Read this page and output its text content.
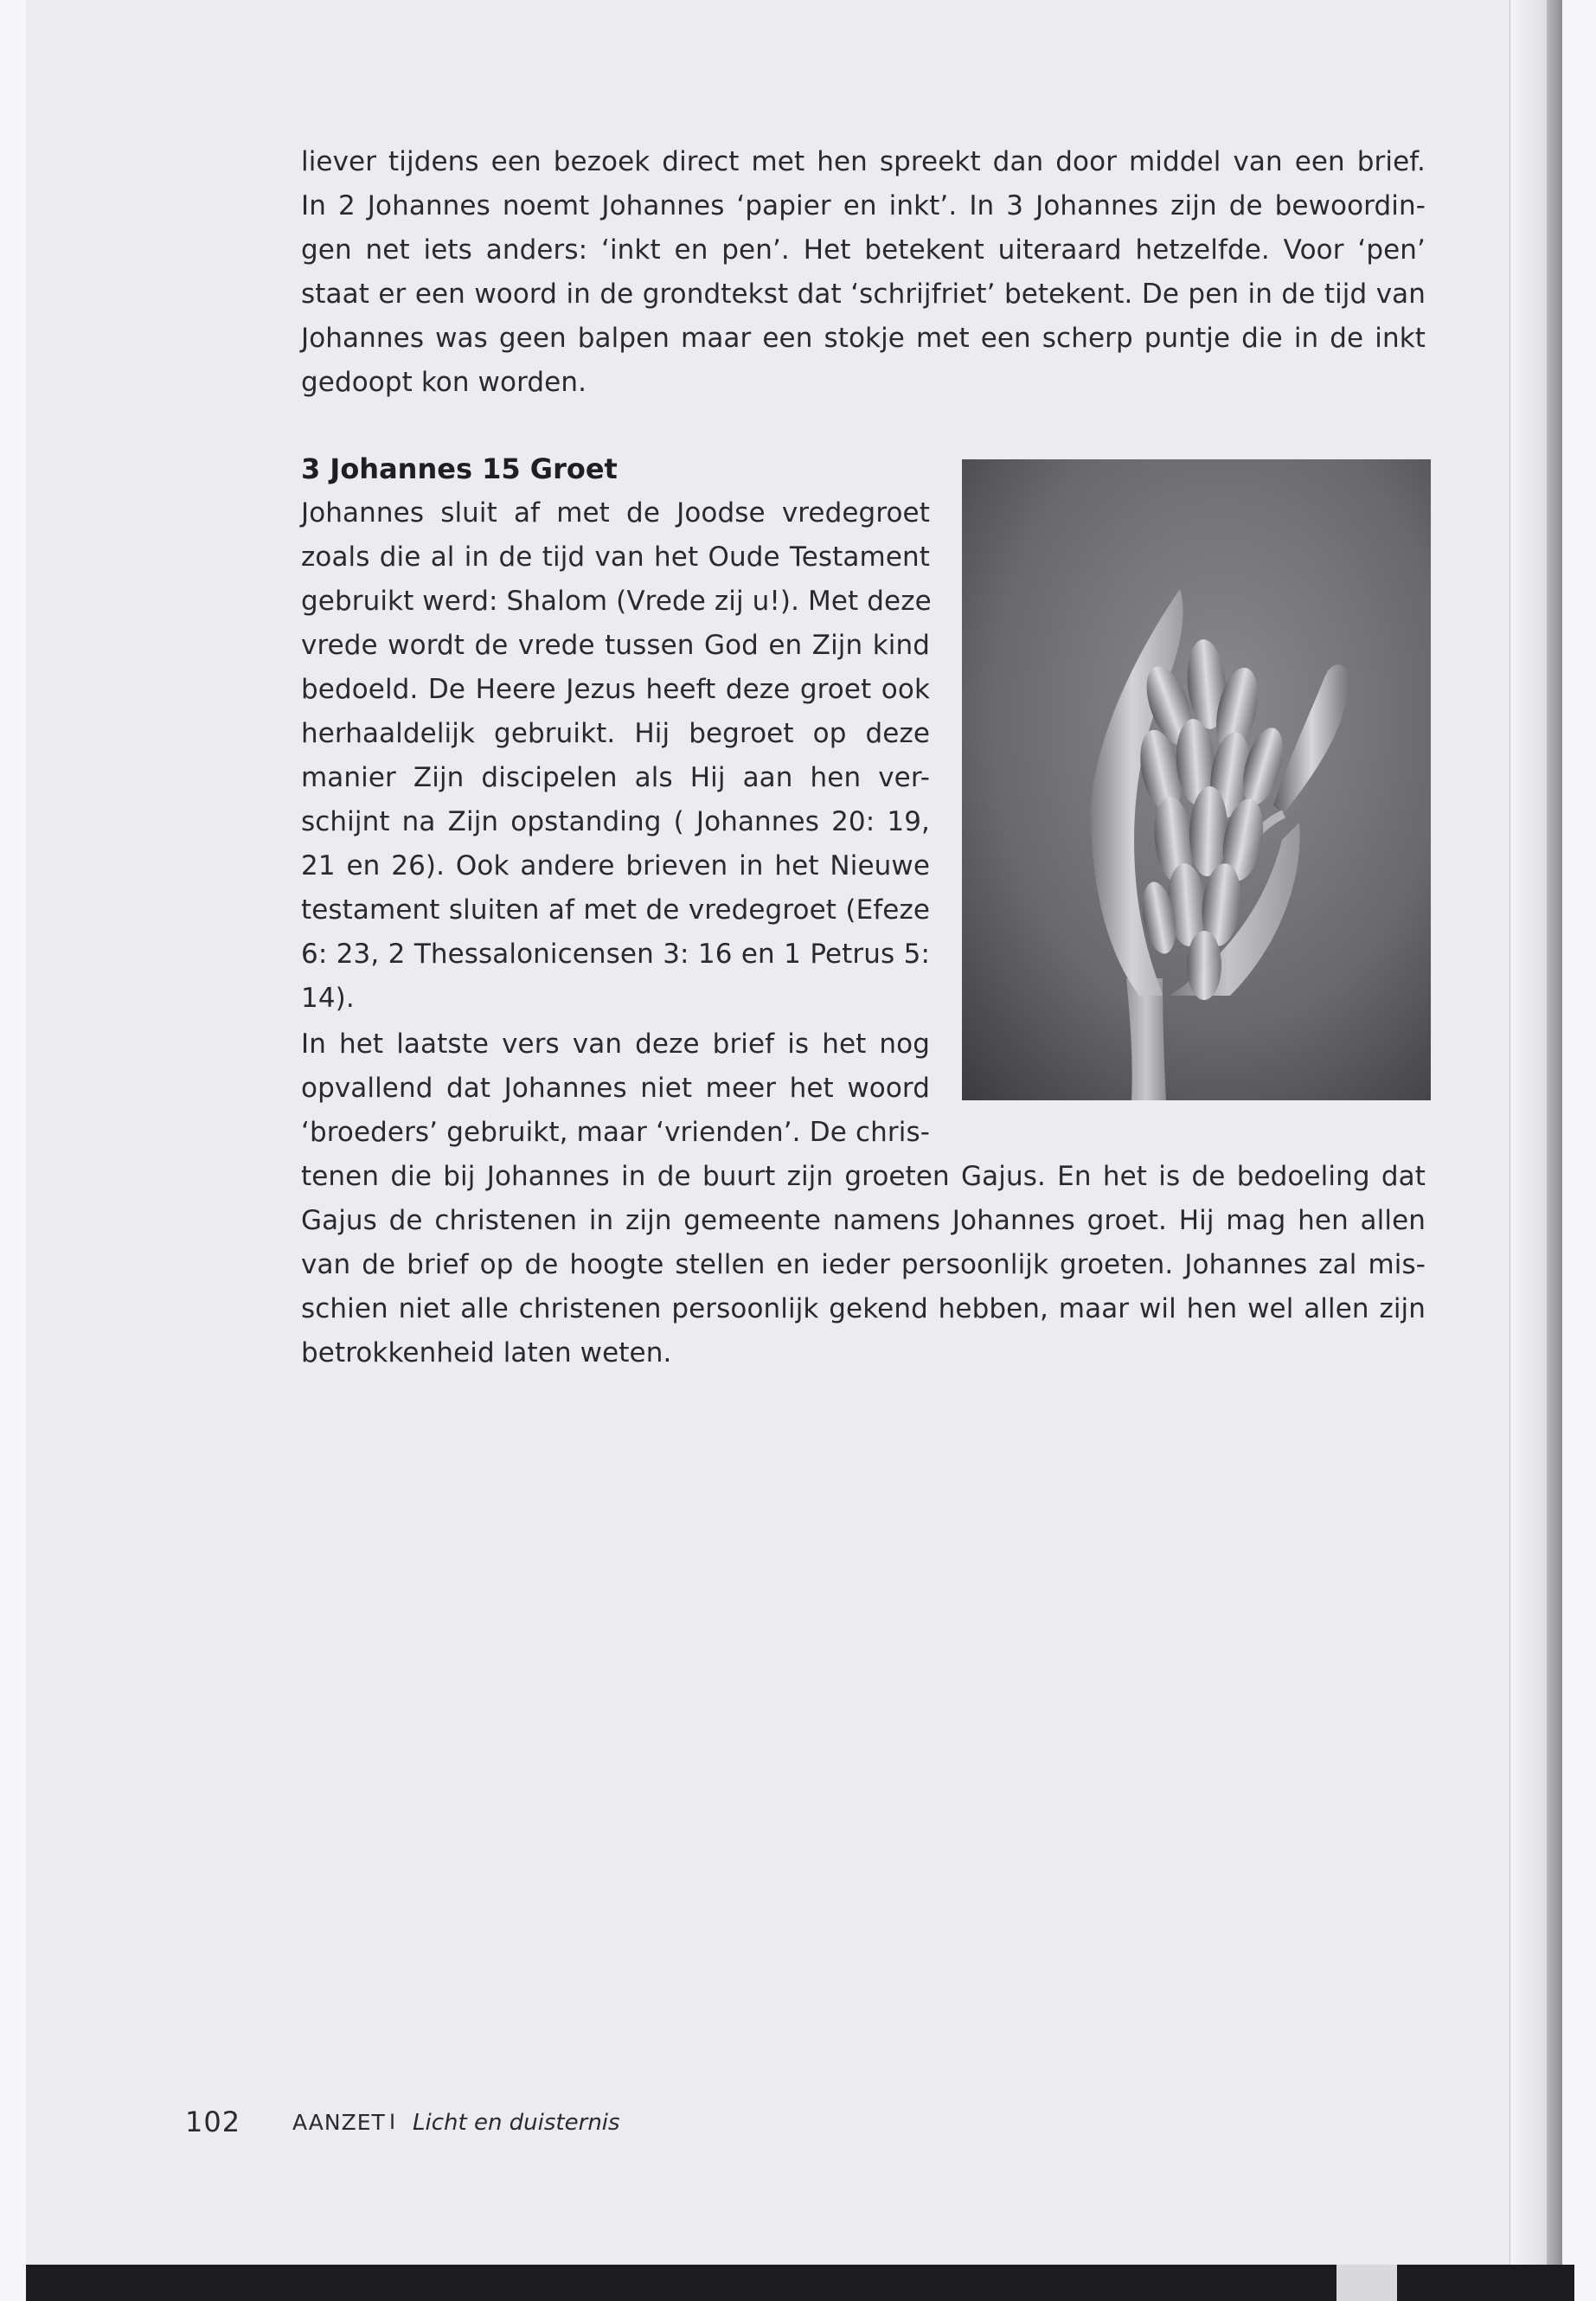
liever tijdens een bezoek direct met hen spreekt dan door middel van een brief.
In 2 Johannes noemt Johannes ‘papier en inkt’. In 3 Johannes zijn de bewoordin-
gen net iets anders: ‘inkt en pen’. Het betekent uiteraard hetzelfde. Voor ‘pen’
staat er een woord in de grondtekst dat ‘schrijfriet’ betekent. De pen in de tijd van
Johannes was geen balpen maar een stokje met een scherp puntje die in de inkt
gedoopt kon worden.
3 Johannes 15 Groet
Johannes sluit af met de Joodse vredegroet
zoals die al in de tijd van het Oude Testament
gebruikt werd: Shalom (Vrede zij u!). Met deze
vrede wordt de vrede tussen God en Zijn kind
bedoeld. De Heere Jezus heeft deze groet ook
herhaaldelijk gebruikt. Hij begroet op deze
manier Zijn discipelen als Hij aan hen ver-
schijnt na Zijn opstanding ( Johannes 20: 19,
21 en 26). Ook andere brieven in het Nieuwe
testament sluiten af met de vredegroet (Efeze
6: 23, 2 Thessalonicensen 3: 16 en 1 Petrus 5:
14).
In het laatste vers van deze brief is het nog
opvallend dat Johannes niet meer het woord
‘broeders’ gebruikt, maar ‘vrienden’. De chris-
tenen die bij Johannes in de buurt zijn groeten Gajus. En het is de bedoeling dat
Gajus de christenen in zijn gemeente namens Johannes groet. Hij mag hen allen
van de brief op de hoogte stellen en ieder persoonlijk groeten. Johannes zal mis-
schien niet alle christenen persoonlijk gekend hebben, maar wil hen wel allen zijn
betrokkenheid laten weten.
102 AANZET I Licht en duisternis
